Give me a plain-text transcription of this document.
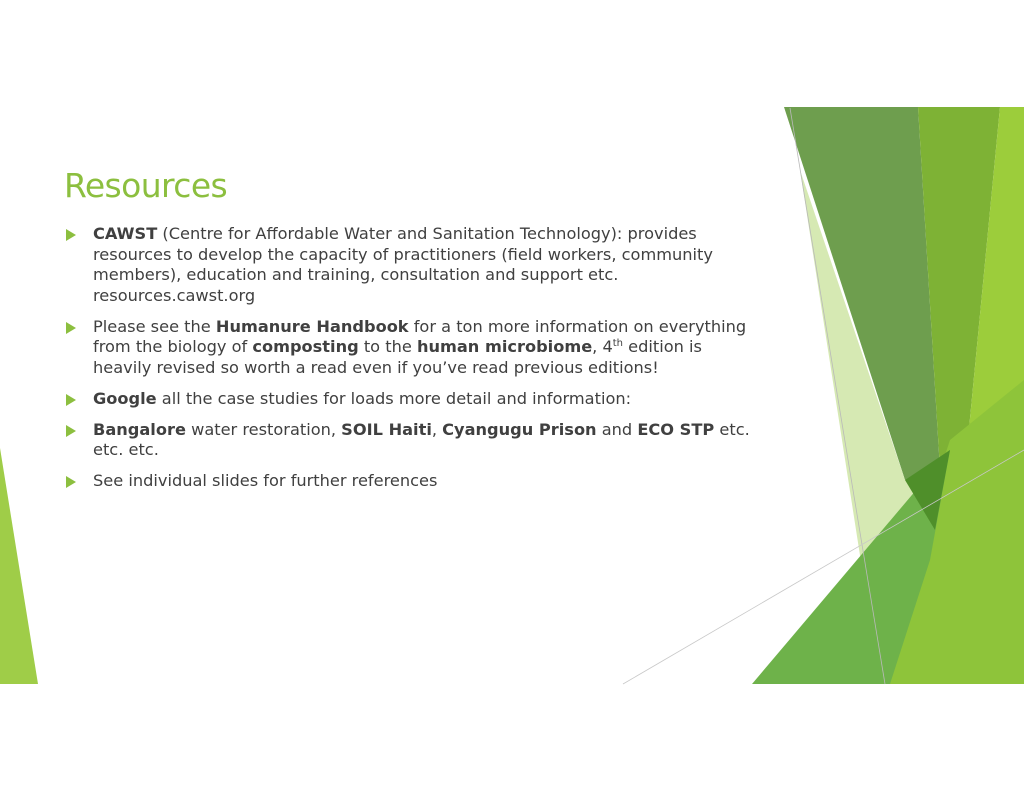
Resources
CAWST (Centre for Affordable Water and Sanitation Technology): provides resources to develop the capacity of practitioners (field workers, community members), education and training, consultation and support etc. resources.cawst.org
Please see the Humanure Handbook for a ton more information on everything from the biology of composting to the human microbiome, 4th edition is heavily revised so worth a read even if you’ve read previous editions!
Google all the case studies for loads more detail and information:
Bangalore water restoration, SOIL Haiti, Cyangugu Prison and ECO STP etc. etc. etc.
See individual slides for further references
